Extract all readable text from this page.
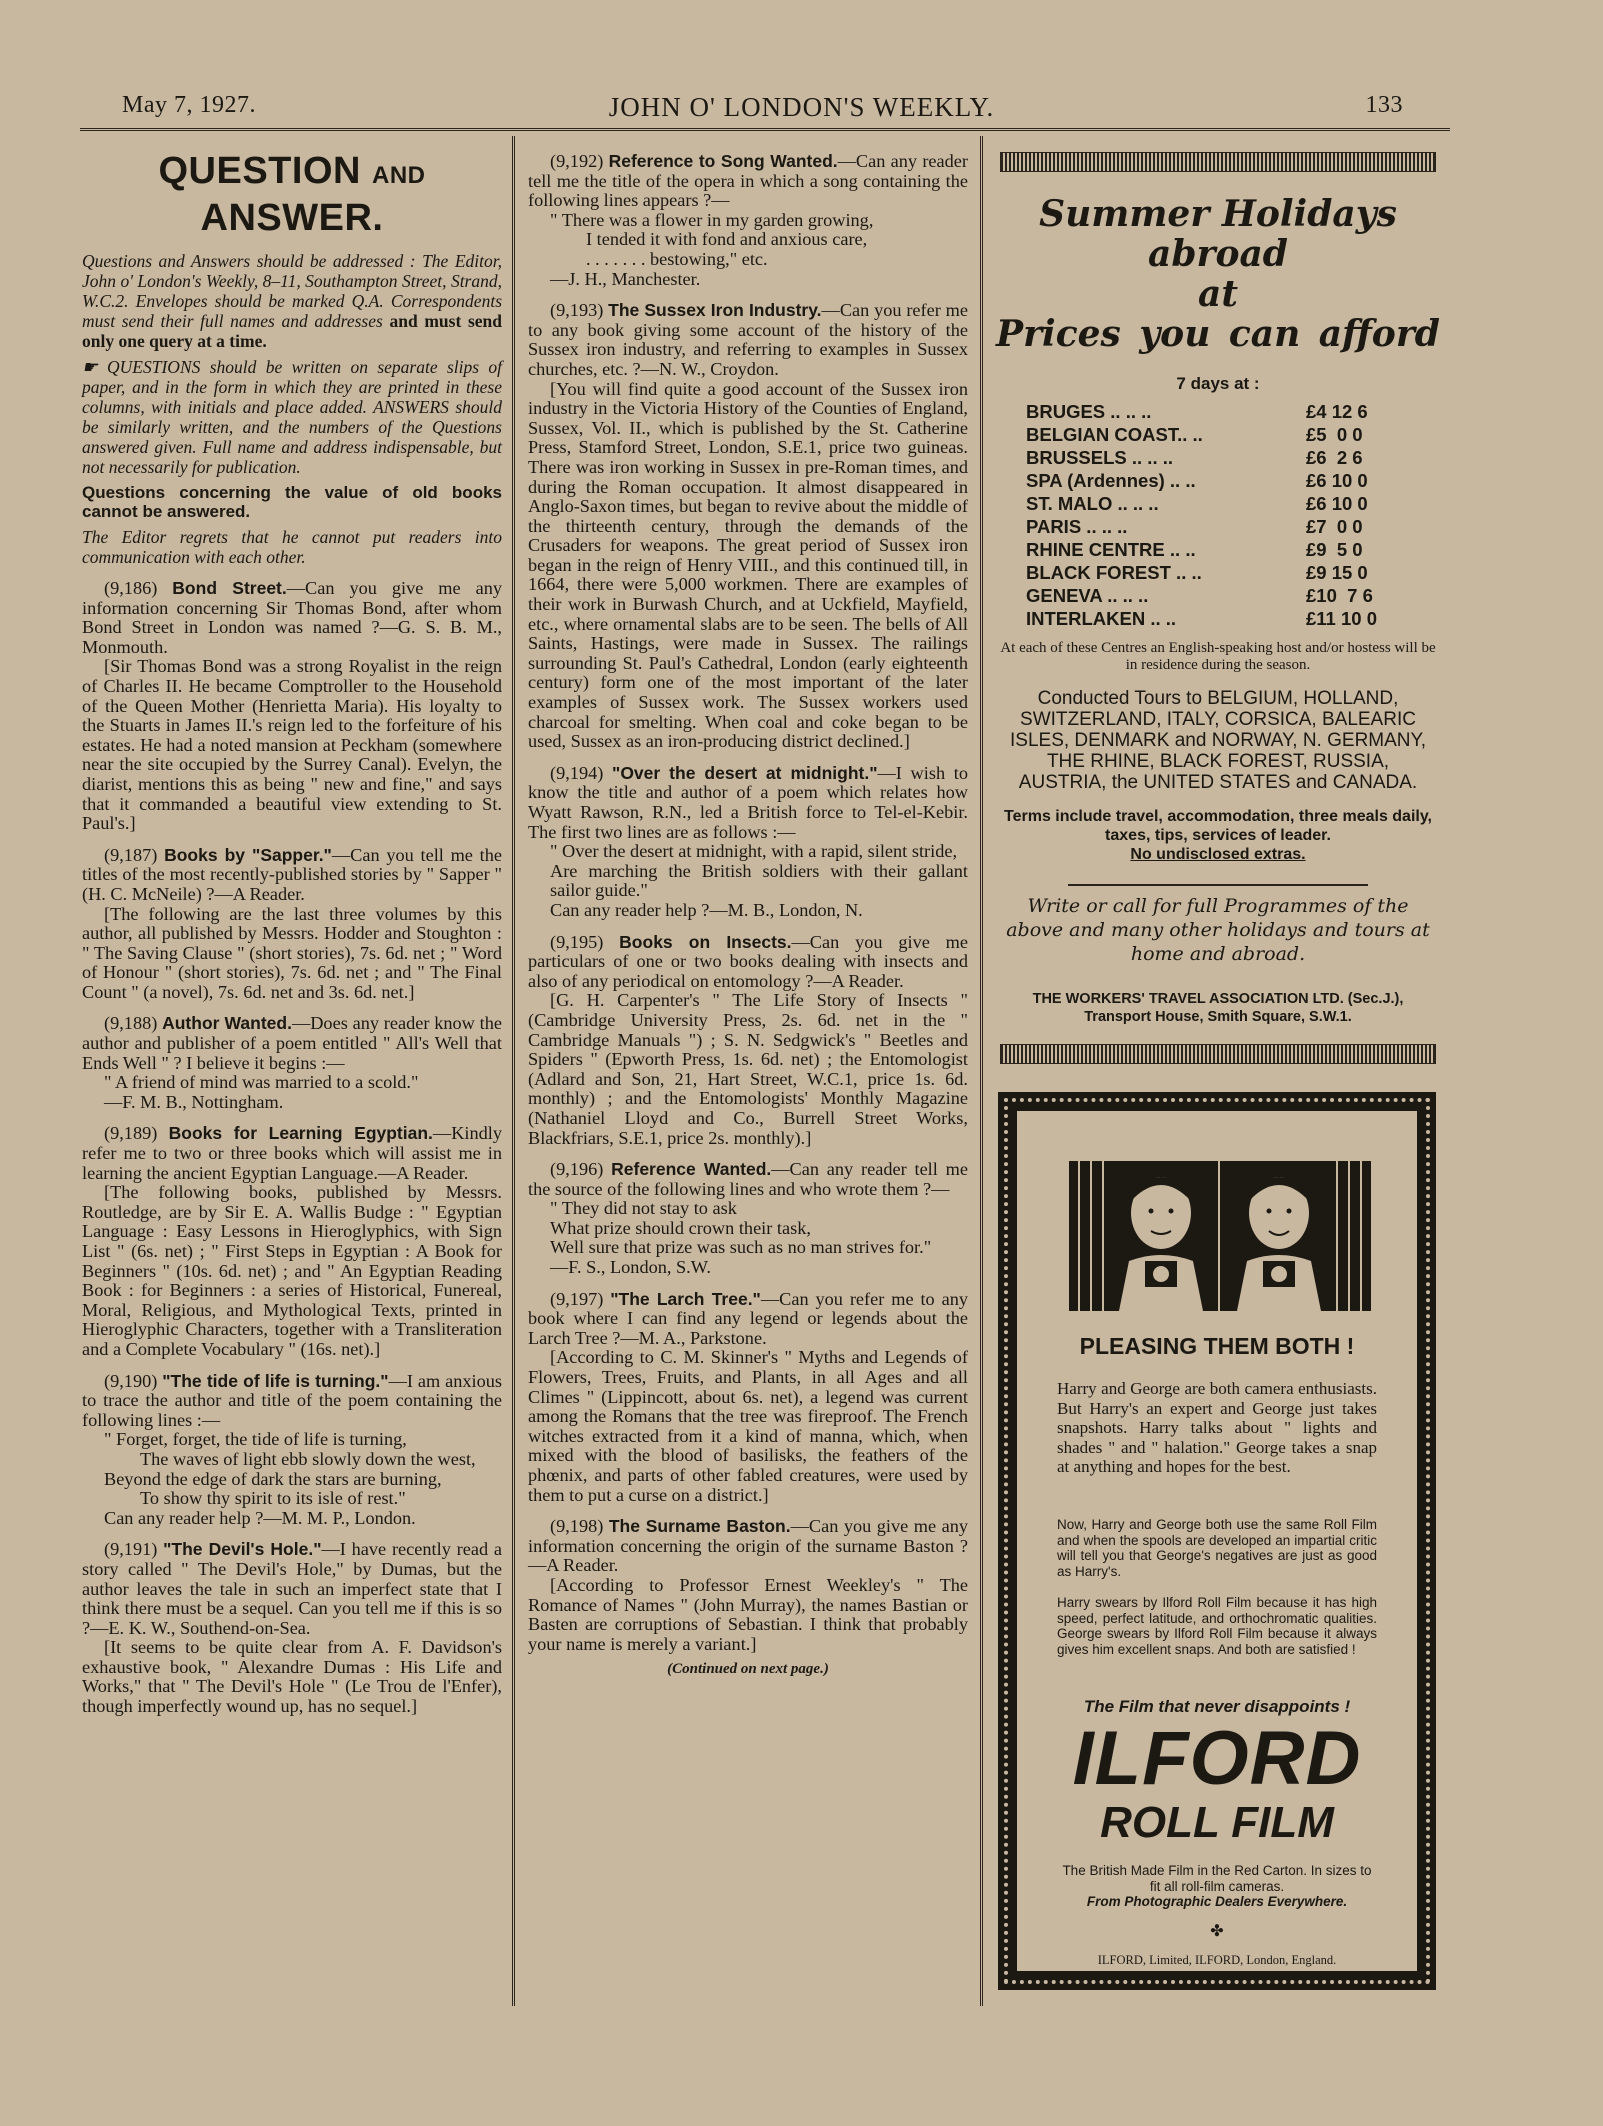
JOHN O' LONDON'S WEEKLY.
May 7, 1927.	133
QUESTION AND ANSWER.

Questions and Answers should be addressed : The Editor, John o' London's Weekly, 8–11, Southampton Street, Strand, W.C.2. Envelopes should be marked Q.A. Correspondents must send their full names and addresses and must send only one query at a time.

☛ QUESTIONS should be written on separate slips of paper, and in the form in which they are printed in these columns, with initials and place added. ANSWERS should be similarly written, and the numbers of the Questions answered given. Full name and address indispensable, but not necessarily for publication.

Questions concerning the value of old books cannot be answered.

The Editor regrets that he cannot put readers into communication with each other.

(9,186) Bond Street.—Can you give me any information concerning Sir Thomas Bond, after whom Bond Street in London was named ?—G. S. B. M., Monmouth.

[Sir Thomas Bond was a strong Royalist in the reign of Charles II. He became Comptroller to the Household of the Queen Mother (Henrietta Maria). His loyalty to the Stuarts in James II.'s reign led to the forfeiture of his estates. He had a noted mansion at Peckham (somewhere near the site occupied by the Surrey Canal). Evelyn, the diarist, mentions this as being " new and fine," and says that it commanded a beautiful view extending to St. Paul's.]

(9,187) Books by "Sapper."—Can you tell me the titles of the most recently-published stories by " Sapper " (H. C. McNeile) ?—A Reader.

[The following are the last three volumes by this author, all published by Messrs. Hodder and Stoughton : " The Saving Clause " (short stories), 7s. 6d. net ; " Word of Honour " (short stories), 7s. 6d. net ; and " The Final Count " (a novel), 7s. 6d. net and 3s. 6d. net.]

(9,188) Author Wanted.—Does any reader know the author and publisher of a poem entitled " All's Well that Ends Well " ? I believe it begins :—

" A friend of mind was married to a scold."

—F. M. B., Nottingham.

(9,189) Books for Learning Egyptian.—Kindly refer me to two or three books which will assist me in learning the ancient Egyptian Language.—A Reader.

[The following books, published by Messrs. Routledge, are by Sir E. A. Wallis Budge : " Egyptian Language : Easy Lessons in Hieroglyphics, with Sign List " (6s. net) ; " First Steps in Egyptian : A Book for Beginners " (10s. 6d. net) ; and " An Egyptian Reading Book : for Beginners : a series of Historical, Funereal, Moral, Religious, and Mythological Texts, printed in Hieroglyphic Characters, together with a Transliteration and a Complete Vocabulary " (16s. net).]

(9,190) "The tide of life is turning."—I am anxious to trace the author and title of the poem containing the following lines :—

" Forget, forget, the tide of life is turning,
The waves of light ebb slowly down the west,
Beyond the edge of dark the stars are burning,
To show thy spirit to its isle of rest."

Can any reader help ?—M. M. P., London.

(9,191) "The Devil's Hole."—I have recently read a story called " The Devil's Hole," by Dumas, but the author leaves the tale in such an imperfect state that I think there must be a sequel. Can you tell me if this is so ?—E. K. W., Southend-on-Sea.

[It seems to be quite clear from A. F. Davidson's exhaustive book, " Alexandre Dumas : His Life and Works," that " The Devil's Hole " (Le Trou de l'Enfer), though imperfectly wound up, has no sequel.]

(9,192) Reference to Song Wanted.—Can any reader tell me the title of the opera in which a song containing the following lines appears ?—

" There was a flower in my garden growing,
I tended it with fond and anxious care,
. . . . . . . bestowing," etc.

—J. H., Manchester.

(9,193) The Sussex Iron Industry.—Can you refer me to any book giving some account of the history of the Sussex iron industry, and referring to examples in Sussex churches, etc. ?—N. W., Croydon.

[You will find quite a good account of the Sussex iron industry in the Victoria History of the Counties of England, Sussex, Vol. II., which is published by the St. Catherine Press, Stamford Street, London, S.E.1, price two guineas. There was iron working in Sussex in pre-Roman times, and during the Roman occupation. It almost disappeared in Anglo-Saxon times, but began to revive about the middle of the thirteenth century, through the demands of the Crusaders for weapons. The great period of Sussex iron began in the reign of Henry VIII., and this continued till, in 1664, there were 5,000 workmen. There are examples of their work in Burwash Church, and at Uckfield, Mayfield, etc., where ornamental slabs are to be seen. The bells of All Saints, Hastings, were made in Sussex. The railings surrounding St. Paul's Cathedral, London (early eighteenth century) form one of the most important of the later examples of Sussex work. The Sussex workers used charcoal for smelting. When coal and coke began to be used, Sussex as an iron-producing district declined.]

(9,194) "Over the desert at midnight."—I wish to know the title and author of a poem which relates how Wyatt Rawson, R.N., led a British force to Tel-el-Kebir. The first two lines are as follows :—

" Over the desert at midnight, with a rapid, silent stride,
Are marching the British soldiers with their gallant sailor guide."

Can any reader help ?—M. B., London, N.

(9,195) Books on Insects.—Can you give me particulars of one or two books dealing with insects and also of any periodical on entomology ?—A Reader.

[G. H. Carpenter's " The Life Story of Insects " (Cambridge University Press, 2s. 6d. net in the " Cambridge Manuals ") ; S. N. Sedgwick's " Beetles and Spiders " (Epworth Press, 1s. 6d. net) ; the Entomologist (Adlard and Son, 21, Hart Street, W.C.1, price 1s. 6d. monthly) ; and the Entomologists' Monthly Magazine (Nathaniel Lloyd and Co., Burrell Street Works, Blackfriars, S.E.1, price 2s. monthly).]

(9,196) Reference Wanted.—Can any reader tell me the source of the following lines and who wrote them ?—

" They did not stay to ask
What prize should crown their task,
Well sure that prize was such as no man strives for."

—F. S., London, S.W.

(9,197) "The Larch Tree."—Can you refer me to any book where I can find any legend or legends about the Larch Tree ?—M. A., Parkstone.

[According to C. M. Skinner's " Myths and Legends of Flowers, Trees, Fruits, and Plants, in all Ages and all Climes " (Lippincott, about 6s. net), a legend was current among the Romans that the tree was fireproof. The French witches extracted from it a kind of manna, which, when mixed with the blood of basilisks, the feathers of the phœnix, and parts of other fabled creatures, were used by them to put a curse on a district.]

(9,198) The Surname Baston.—Can you give me any information concerning the origin of the surname Baston ?—A Reader.

[According to Professor Ernest Weekley's " The Romance of Names " (John Murray), the names Bastian or Basten are corruptions of Sebastian. I think that probably your name is merely a variant.]

(Continued on next page.)
Summer Holidays abroad
at
Prices you can afford
7 days at :
BRUGES .. .. ..	£4 12 6
BELGIAN COAST.. ..	£5  0 0
BRUSSELS .. .. ..	£6  2 6
SPA (Ardennes) .. ..	£6 10 0
ST. MALO .. .. ..	£6 10 0
PARIS .. .. ..	£7  0 0
RHINE CENTRE .. ..	£9  5 0
BLACK FOREST .. ..	£9 15 0
GENEVA .. .. ..	£10  7 6
INTERLAKEN .. ..	£11 10 0
At each of these Centres an English-speaking host and/or hostess will be in residence during the season.
Conducted Tours to BELGIUM, HOLLAND, SWITZERLAND, ITALY, CORSICA, BALEARIC ISLES, DENMARK and NORWAY, N. GERMANY, THE RHINE, BLACK FOREST, RUSSIA, AUSTRIA, the UNITED STATES and CANADA.
Terms include travel, accommodation, three meals daily, taxes, tips, services of leader.
No undisclosed extras.
Write or call for full Programmes of the above and many other holidays and tours at home and abroad.
THE WORKERS' TRAVEL ASSOCIATION LTD. (Sec.J.),
Transport House, Smith Square, S.W.1.
PLEASING THEM BOTH !
Harry and George are both camera enthusiasts. But Harry's an expert and George just takes snapshots. Harry talks about " lights and shades " and " halation." George takes a snap at anything and hopes for the best.
Now, Harry and George both use the same Roll Film and when the spools are developed an impartial critic will tell you that George's negatives are just as good as Harry's.
Harry swears by Ilford Roll Film because it has high speed, perfect latitude, and orthochromatic qualities. George swears by Ilford Roll Film because it always gives him excellent snaps. And both are satisfied !
The Film that never disappoints !
ILFORD
ROLL FILM
The British Made Film in the Red Carton. In sizes to fit all roll-film cameras.
From Photographic Dealers Everywhere.
✤
ILFORD, Limited, ILFORD, London, England.
